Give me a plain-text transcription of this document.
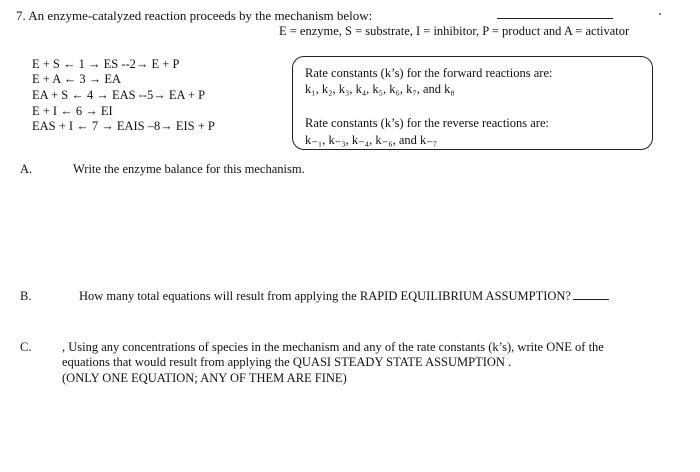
7. An enzyme-catalyzed reaction proceeds by the mechanism below:
E = enzyme, S = substrate, I = inhibitor, P = product and A = activator
E + S ← 1 → ES --2→ E + P
E + A ← 3 → EA
EA + S ← 4 → EAS --5→ EA + P
E + I ← 6 → EI
EAS + I ← 7 → EAIS –8→ EIS + P
Rate constants (k’s) for the forward reactions are:
k₁, k₂, k₃, k₄, k₅, k₆, k₇, and k₈
Rate constants (k’s) for the reverse reactions are:
k₋₁, k₋₃, k₋₄, k₋₆, and k₋₇
A.	Write the enzyme balance for this mechanism.
B.	How many total equations will result from applying the RAPID EQUILIBRIUM ASSUMPTION?
C. , Using any concentrations of species in the mechanism and any of the rate constants (k’s), write ONE of the
equations that would result from applying the QUASI STEADY STATE ASSUMPTION .
(ONLY ONE EQUATION; ANY OF THEM ARE FINE)
